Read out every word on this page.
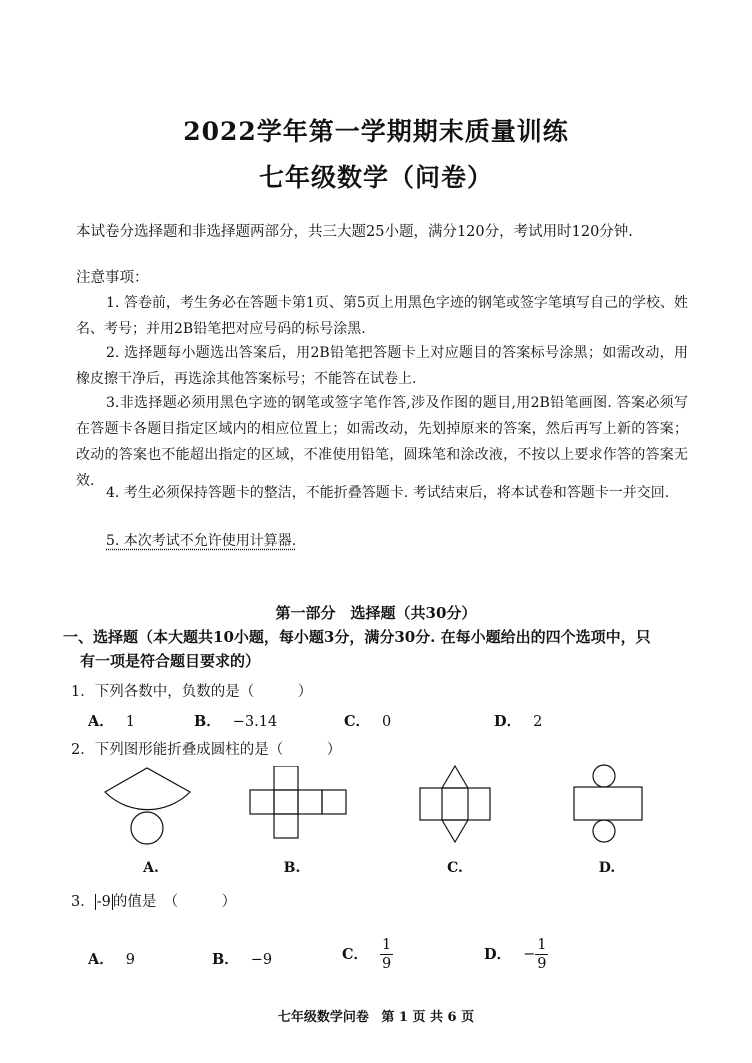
2022学年第一学期期末质量训练
七年级数学（问卷）
本试卷分选择题和非选择题两部分，共三大题25小题，满分120分，考试用时120分钟.
注意事项：
1. 答卷前，考生务必在答题卡第1页、第5页上用黑色字迹的钢笔或签字笔填写自己的学校、姓名、考号；并用2B铅笔把对应号码的标号涂黑.
2. 选择题每小题选出答案后，用2B铅笔把答题卡上对应题目的答案标号涂黑；如需改动，用橡皮擦干净后，再选涂其他答案标号；不能答在试卷上.
3.非选择题必须用黑色字迹的钢笔或签字笔作答,涉及作图的题目,用2B铅笔画图. 答案必须写在答题卡各题目指定区域内的相应位置上；如需改动，先划掉原来的答案，然后再写上新的答案；改动的答案也不能超出指定的区域，不准使用铅笔，圆珠笔和涂改液，不按以上要求作答的答案无效.
4. 考生必须保持答题卡的整洁，不能折叠答题卡. 考试结束后，将本试卷和答题卡一并交回.
5. 本次考试不允许使用计算器.
第一部分　选择题（共30分）
一、选择题（本大题共10小题，每小题3分，满分30分. 在每小题给出的四个选项中，只
有一项是符合题目要求的）
1．下列各数中，负数的是（　　　）
A． 1	B． −3.14	C． 0	D． 2
2．下列图形能折叠成圆柱的是（　　　）
A.	B.	C.	D.
3． -9 的值是　（　　　）
A． 9	B． −9	C． $\frac{1}{9}$	D． − $\frac{1}{9}$
七年级数学问卷 第 1 页 共 6 页
